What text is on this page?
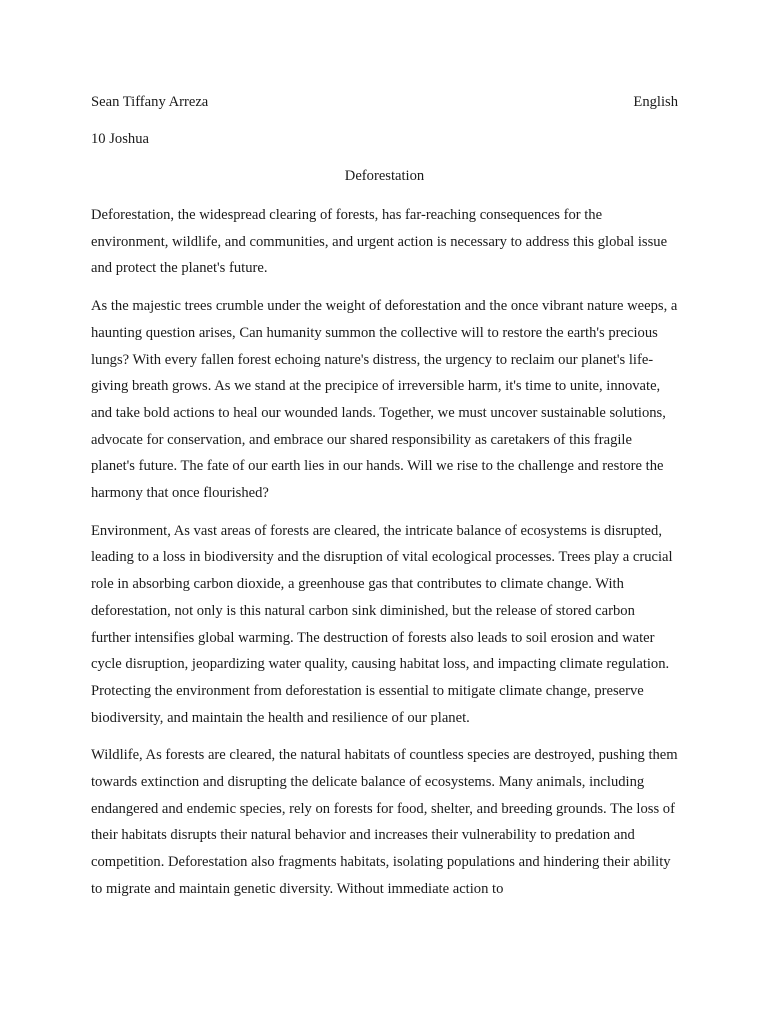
Sean Tiffany Arreza	English
10 Joshua
Deforestation

Deforestation, the widespread clearing of forests, has far-reaching consequences for the environment, wildlife, and communities, and urgent action is necessary to address this global issue and protect the planet's future.

As the majestic trees crumble under the weight of deforestation and the once vibrant nature weeps, a haunting question arises, Can humanity summon the collective will to restore the earth's precious lungs? With every fallen forest echoing nature's distress, the urgency to reclaim our planet's life-giving breath grows. As we stand at the precipice of irreversible harm, it's time to unite, innovate, and take bold actions to heal our wounded lands. Together, we must uncover sustainable solutions, advocate for conservation, and embrace our shared responsibility as caretakers of this fragile planet's future. The fate of our earth lies in our hands. Will we rise to the challenge and restore the harmony that once flourished?

Environment, As vast areas of forests are cleared, the intricate balance of ecosystems is disrupted, leading to a loss in biodiversity and the disruption of vital ecological processes. Trees play a crucial role in absorbing carbon dioxide, a greenhouse gas that contributes to climate change. With deforestation, not only is this natural carbon sink diminished, but the release of stored carbon further intensifies global warming. The destruction of forests also leads to soil erosion and water cycle disruption, jeopardizing water quality, causing habitat loss, and impacting climate regulation. Protecting the environment from deforestation is essential to mitigate climate change, preserve biodiversity, and maintain the health and resilience of our planet.

Wildlife, As forests are cleared, the natural habitats of countless species are destroyed, pushing them towards extinction and disrupting the delicate balance of ecosystems. Many animals, including endangered and endemic species, rely on forests for food, shelter, and breeding grounds. The loss of their habitats disrupts their natural behavior and increases their vulnerability to predation and competition. Deforestation also fragments habitats, isolating populations and hindering their ability to migrate and maintain genetic diversity. Without immediate action to
